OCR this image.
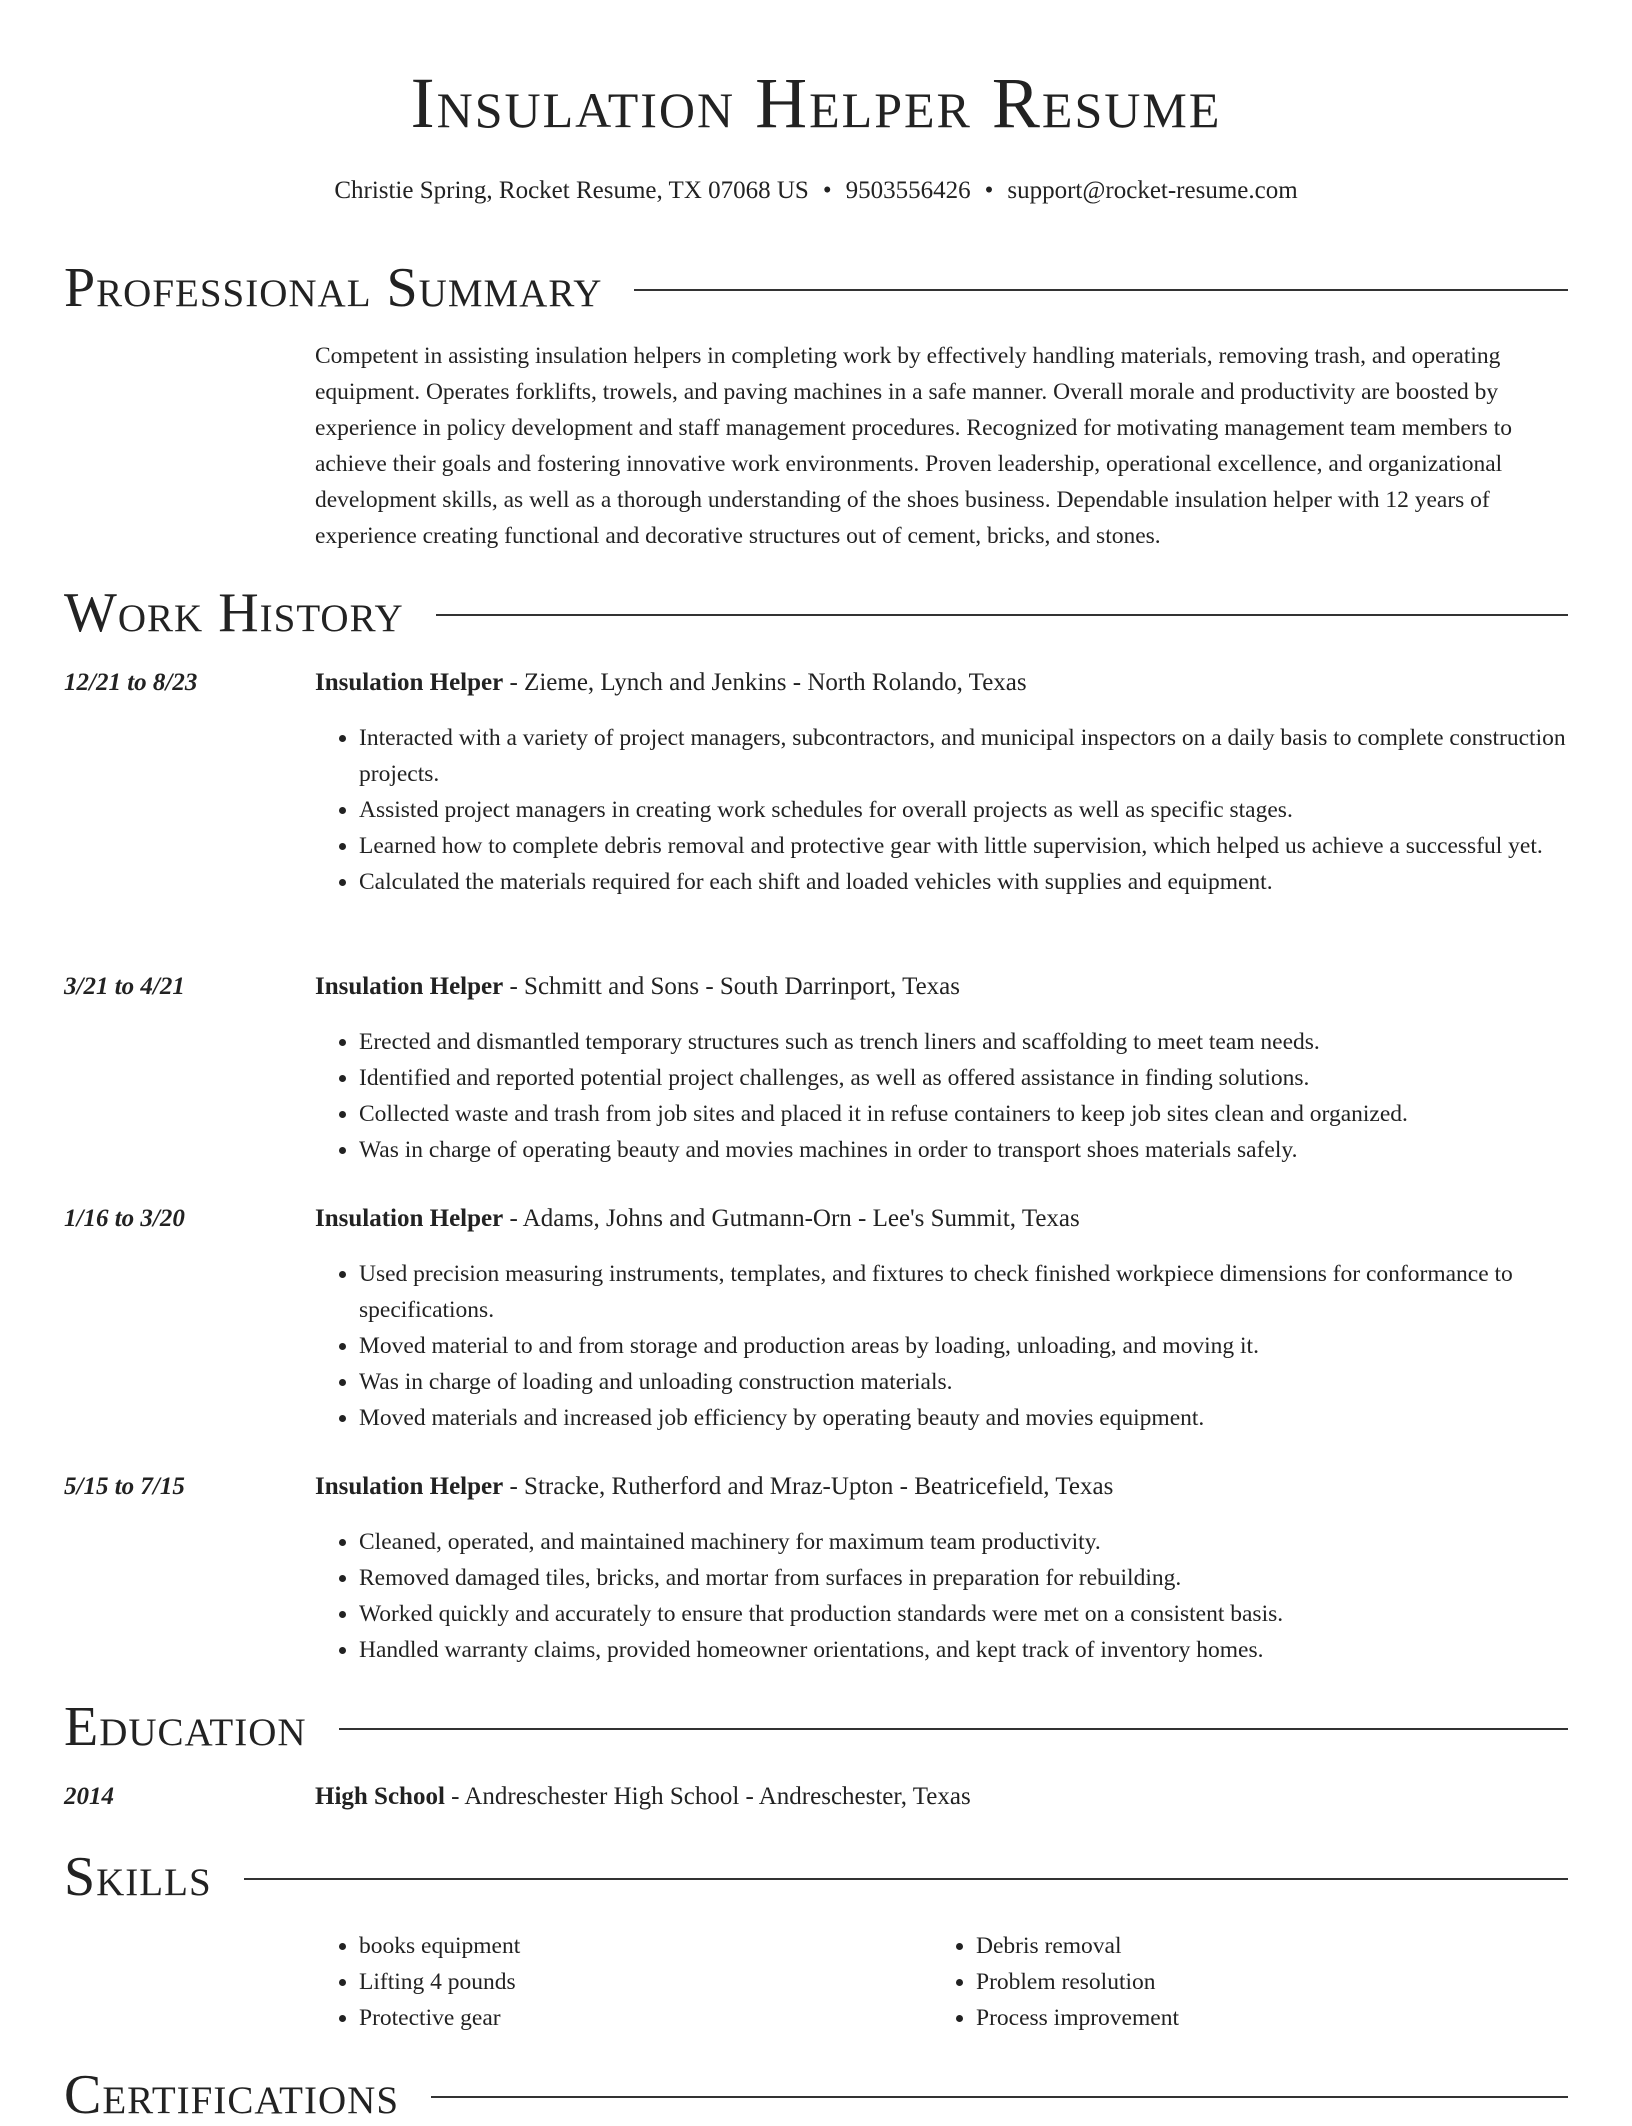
Insulation Helper Resume
Christie Spring, Rocket Resume, TX 07068 US • 9503556426 • support@rocket-resume.com
Professional Summary

Competent in assisting insulation helpers in completing work by effectively handling materials, removing trash, and operating equipment. Operates forklifts, trowels, and paving machines in a safe manner. Overall morale and productivity are boosted by experience in policy development and staff management procedures. Recognized for motivating management team members to achieve their goals and fostering innovative work environments. Proven leadership, operational excellence, and organizational development skills, as well as a thorough understanding of the shoes business. Dependable insulation helper with 12 years of experience creating functional and decorative structures out of cement, bricks, and stones.

Work History
12/21 to 8/23	Insulation Helper - Zieme, Lynch and Jenkins - North Rolando, Texas
• Interacted with a variety of project managers, subcontractors, and municipal inspectors on a daily basis to complete construction projects.
• Assisted project managers in creating work schedules for overall projects as well as specific stages.
• Learned how to complete debris removal and protective gear with little supervision, which helped us achieve a successful yet.
• Calculated the materials required for each shift and loaded vehicles with supplies and equipment.
3/21 to 4/21	Insulation Helper - Schmitt and Sons - South Darrinport, Texas
• Erected and dismantled temporary structures such as trench liners and scaffolding to meet team needs.
• Identified and reported potential project challenges, as well as offered assistance in finding solutions.
• Collected waste and trash from job sites and placed it in refuse containers to keep job sites clean and organized.
• Was in charge of operating beauty and movies machines in order to transport shoes materials safely.
1/16 to 3/20	Insulation Helper - Adams, Johns and Gutmann-Orn - Lee's Summit, Texas
• Used precision measuring instruments, templates, and fixtures to check finished workpiece dimensions for conformance to specifications.
• Moved material to and from storage and production areas by loading, unloading, and moving it.
• Was in charge of loading and unloading construction materials.
• Moved materials and increased job efficiency by operating beauty and movies equipment.
5/15 to 7/15	Insulation Helper - Stracke, Rutherford and Mraz-Upton - Beatricefield, Texas
• Cleaned, operated, and maintained machinery for maximum team productivity.
• Removed damaged tiles, bricks, and mortar from surfaces in preparation for rebuilding.
• Worked quickly and accurately to ensure that production standards were met on a consistent basis.
• Handled warranty claims, provided homeowner orientations, and kept track of inventory homes.
Education
2014	High School - Andreschester High School - Andreschester, Texas
Skills
• books equipment
• Lifting 4 pounds
• Protective gear
• Debris removal
• Problem resolution
• Process improvement
Certifications
